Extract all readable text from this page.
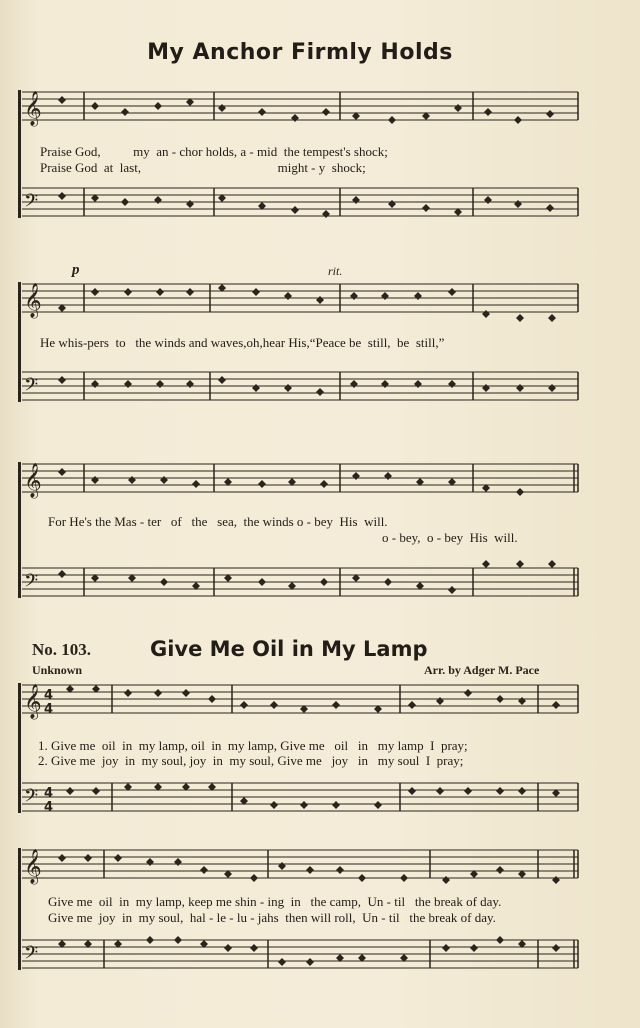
My Anchor Firmly Holds
𝄞
𝄢
Praise God,          my  an - chor holds, a - mid  the tempest's shock;
Praise God  at  last,                                          might - y  shock;
𝄞
𝄢
p	rit.
He whis-pers  to   the winds and waves,oh,hear His,“Peace be  still,  be  still,”
𝄞
𝄢
For He's the Mas - ter   of   the   sea,  the winds o - bey  His  will.
o - bey,  o - bey  His  will.
No. 103.	Give Me Oil in My Lamp
Unknown	Arr. by Adger M. Pace
𝄞 4
4
𝄢 4
4
1. Give me  oil  in  my lamp, oil  in  my lamp, Give me   oil   in   my lamp  I  pray;
2. Give me  joy  in  my soul, joy  in  my soul, Give me   joy   in   my soul  I  pray;
𝄞
𝄢
Give me  oil  in  my lamp, keep me shin - ing  in   the camp,  Un - til   the break of day.
Give me  joy  in  my soul,  hal - le - lu - jahs  then will roll,  Un - til   the break of day.
